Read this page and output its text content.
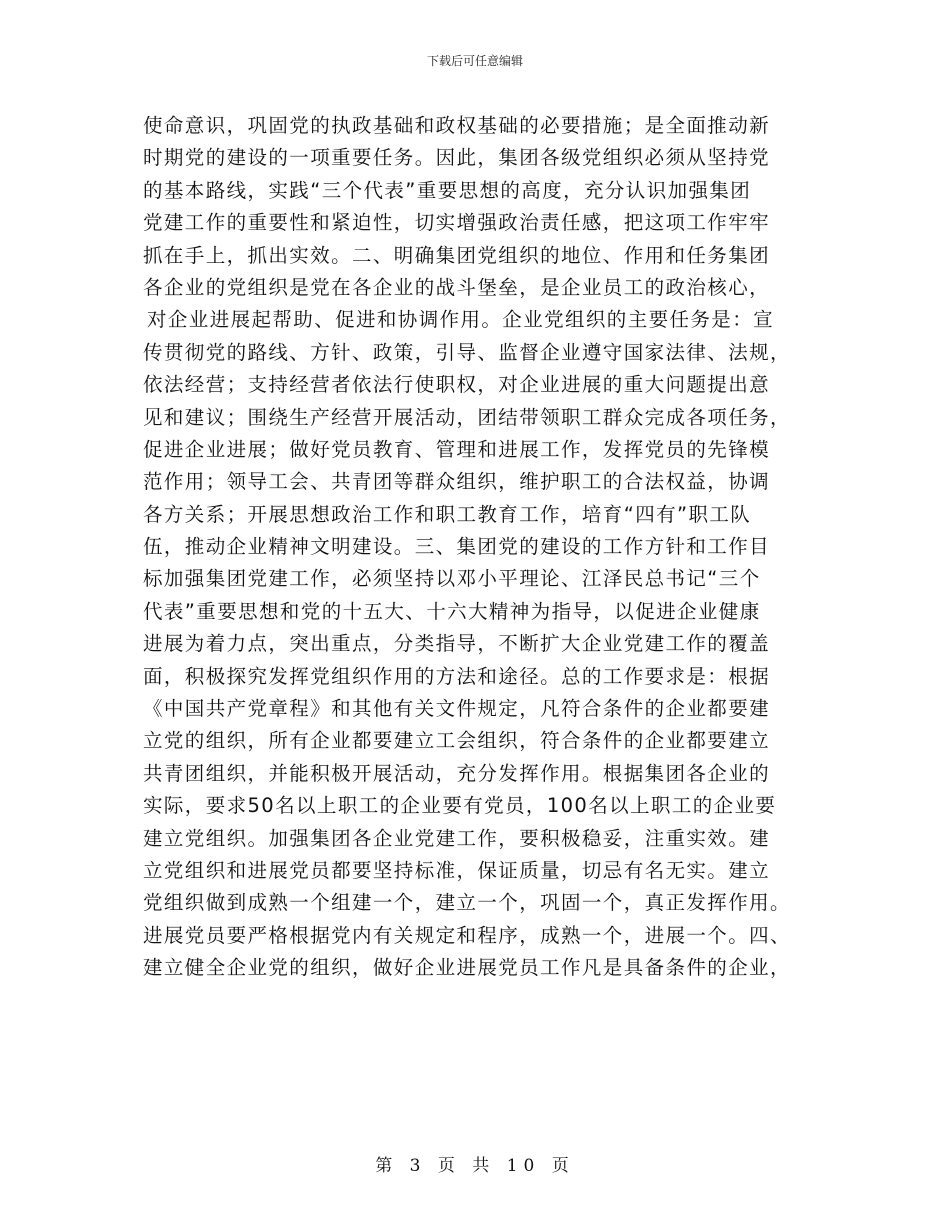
下载后可任意编辑
使命意识，巩固党的执政基础和政权基础的必要措施；是全面推动新
时期党的建设的一项重要任务。因此，集团各级党组织必须从坚持党
的基本路线，实践“三个代表”重要思想的高度，充分认识加强集团
党建工作的重要性和紧迫性，切实增强政治责任感，把这项工作牢牢
抓在手上，抓出实效。二、明确集团党组织的地位、作用和任务集团
各企业的党组织是党在各企业的战斗堡垒，是企业员工的政治核心，
对企业进展起帮助、促进和协调作用。企业党组织的主要任务是：宣
传贯彻党的路线、方针、政策，引导、监督企业遵守国家法律、法规，
依法经营；支持经营者依法行使职权，对企业进展的重大问题提出意
见和建议；围绕生产经营开展活动，团结带领职工群众完成各项任务，
促进企业进展；做好党员教育、管理和进展工作，发挥党员的先锋模
范作用；领导工会、共青团等群众组织，维护职工的合法权益，协调
各方关系；开展思想政治工作和职工教育工作，培育“四有”职工队
伍，推动企业精神文明建设。三、集团党的建设的工作方针和工作目
标加强集团党建工作，必须坚持以邓小平理论、江泽民总书记“三个
代表”重要思想和党的十五大、十六大精神为指导，以促进企业健康
进展为着力点，突出重点，分类指导，不断扩大企业党建工作的覆盖
面，积极探究发挥党组织作用的方法和途径。总的工作要求是：根据
《中国共产党章程》和其他有关文件规定，凡符合条件的企业都要建
立党的组织，所有企业都要建立工会组织，符合条件的企业都要建立
共青团组织，并能积极开展活动，充分发挥作用。根据集团各企业的
实际，要求50名以上职工的企业要有党员，100名以上职工的企业要
建立党组织。加强集团各企业党建工作，要积极稳妥，注重实效。建
立党组织和进展党员都要坚持标准，保证质量，切忌有名无实。建立
党组织做到成熟一个组建一个，建立一个，巩固一个，真正发挥作用。
进展党员要严格根据党内有关规定和程序，成熟一个，进展一个。四、
建立健全企业党的组织，做好企业进展党员工作凡是具备条件的企业，
第 3 页 共 10 页
